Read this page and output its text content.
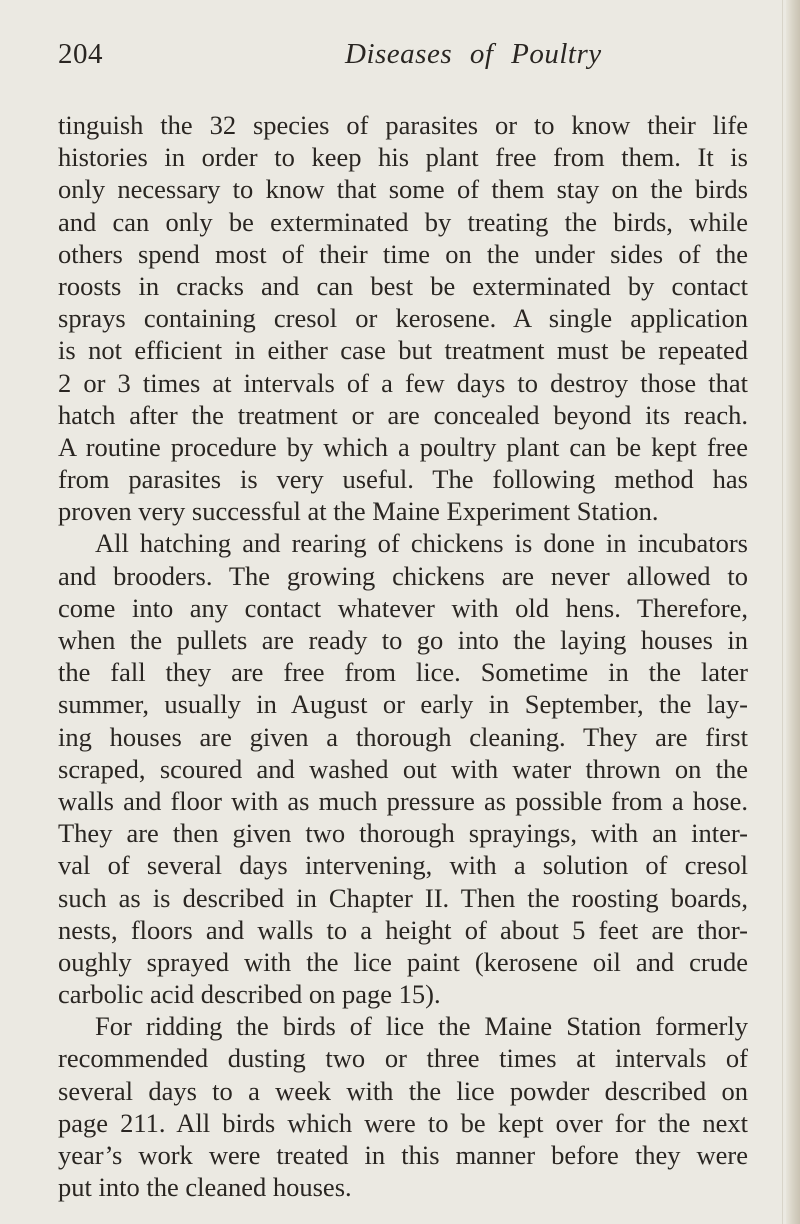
204	Diseases of Poultry
tinguish the 32 species of parasites or to know their life
histories in order to keep his plant free from them. It is
only necessary to know that some of them stay on the birds
and can only be exterminated by treating the birds, while
others spend most of their time on the under sides of the
roosts in cracks and can best be exterminated by contact
sprays containing cresol or kerosene. A single application
is not efficient in either case but treatment must be repeated
2 or 3 times at intervals of a few days to destroy those that
hatch after the treatment or are concealed beyond its reach.
A routine procedure by which a poultry plant can be kept free
from parasites is very useful. The following method has
proven very successful at the Maine Experiment Station.
All hatching and rearing of chickens is done in incubators
and brooders. The growing chickens are never allowed to
come into any contact whatever with old hens. Therefore,
when the pullets are ready to go into the laying houses in
the fall they are free from lice. Sometime in the later
summer, usually in August or early in September, the lay-
ing houses are given a thorough cleaning. They are first
scraped, scoured and washed out with water thrown on the
walls and floor with as much pressure as possible from a hose.
They are then given two thorough sprayings, with an inter-
val of several days intervening, with a solution of cresol
such as is described in Chapter II. Then the roosting boards,
nests, floors and walls to a height of about 5 feet are thor-
oughly sprayed with the lice paint (kerosene oil and crude
carbolic acid described on page 15).
For ridding the birds of lice the Maine Station formerly
recommended dusting two or three times at intervals of
several days to a week with the lice powder described on
page 211. All birds which were to be kept over for the next
year’s work were treated in this manner before they were
put into the cleaned houses.
